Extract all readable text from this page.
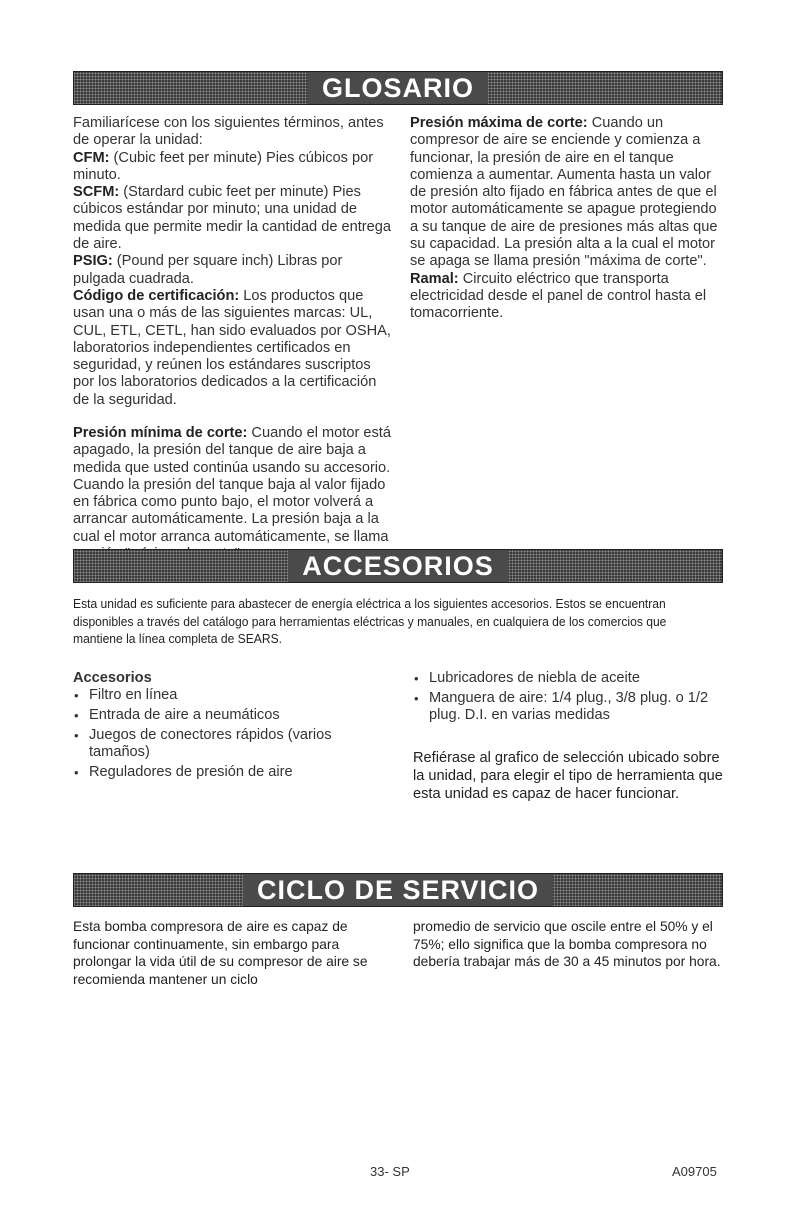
GLOSARIO

Familiarícese con los siguientes términos, antes de operar la unidad:

CFM: (Cubic feet per minute) Pies cúbicos por minuto.

SCFM: (Stardard cubic feet per minute) Pies cúbicos estándar por minuto; una unidad de medida que permite medir la cantidad de entrega de aire.

PSIG: (Pound per square inch) Libras por pulgada cuadrada.

Código de certificación: Los productos que usan una o más de las siguientes marcas: UL, CUL, ETL, CETL, han sido evaluados por OSHA, laboratorios independientes certificados en seguridad, y reúnen los estándares suscriptos por los laboratorios dedicados a la certificación de la seguridad.

Presión máxima de corte: Cuando un compresor de aire se enciende y comienza a funcionar, la presión de aire en el tanque comienza a aumentar. Aumenta hasta un valor de presión alto fijado en fábrica antes de que el motor automáticamente se apague protegiendo a su tanque de aire de presiones más altas que su capacidad. La presión alta a la cual el motor se apaga se llama presión "máxima de corte".

Ramal: Circuito eléctrico que transporta electricidad desde el panel de control hasta el tomacorriente.

Presión mínima de corte: Cuando el motor está apagado, la presión del tanque de aire baja a medida que usted continúa usando su accesorio. Cuando la presión del tanque baja al valor fijado en fábrica como punto bajo, el motor volverá a arrancar automáticamente. La presión baja a la cual el motor arranca automáticamente, se llama

ACCESORIOS

Esta unidad es suficiente para abastecer de energía eléctrica a los siguientes accesorios. Estos se encuentran disponibles a través del catálogo para herramientas eléctricas y manuales, en cualquiera de los comercios que mantiene la línea completa de SEARS.

Accesorios

• Filtro en línea
• Entrada de aire a neumáticos
• Juegos de conectores rápidos (varios tamaños)
• Reguladores de presión de aire
• Lubricadores de niebla de aceite
• Manguera de aire: 1/4 plug., 3/8 plug. o 1/2 plug. D.I. en varias medidas
Refiérase al grafico de selección ubicado sobre la unidad, para elegir el tipo de herramienta que esta unidad es capaz de hacer funcionar.
CICLO DE SERVICIO
Esta bomba compresora de aire es capaz de funcionar continuamente, sin embargo para prolongar la vida útil de su compresor de aire se recomienda mantener un ciclo
promedio de servicio que oscile entre el 50% y el 75%; ello significa que la bomba compresora no debería trabajar más de 30 a 45 minutos por hora.
33- SP	A09705
